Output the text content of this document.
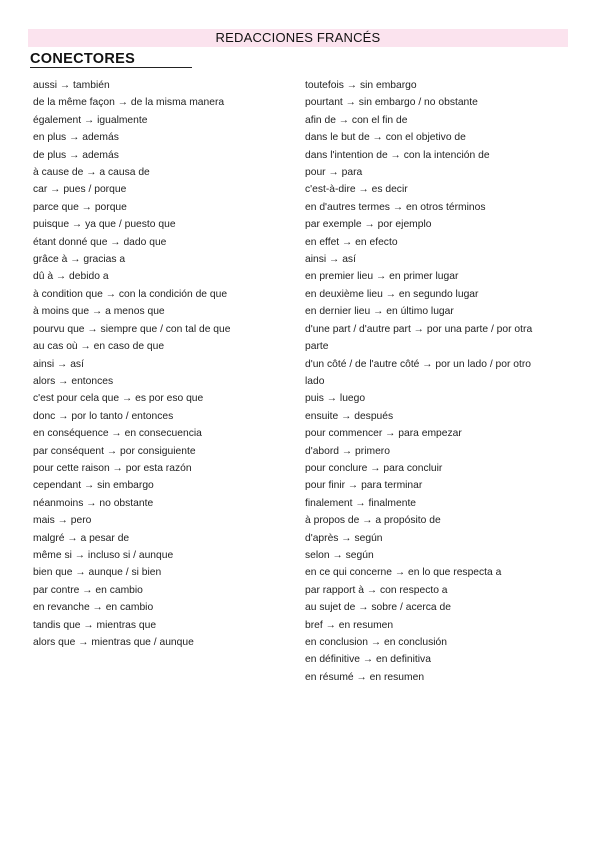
REDACCIONES FRANCÉS
CONECTORES
aussi → también
de la même façon → de la misma manera
également → igualmente
en plus → además
de plus → además
à cause de → a causa de
car → pues / porque
parce que → porque
puisque → ya que / puesto que
étant donné que → dado que
grâce à → gracias a
dû à → debido a
à condition que → con la condición de que
à moins que → a menos que
pourvu que → siempre que / con tal de que
au cas où → en caso de que
ainsi → así
alors → entonces
c'est pour cela que → es por eso que
donc → por lo tanto / entonces
en conséquence → en consecuencia
par conséquent → por consiguiente
pour cette raison → por esta razón
cependant → sin embargo
néanmoins → no obstante
mais → pero
malgré → a pesar de
même si → incluso si / aunque
bien que → aunque / si bien
par contre → en cambio
en revanche → en cambio
tandis que → mientras que
alors que → mientras que / aunque
toutefois → sin embargo
pourtant → sin embargo / no obstante
afin de → con el fin de
dans le but de → con el objetivo de
dans l'intention de → con la intención de
pour → para
c'est-à-dire → es decir
en d'autres termes → en otros términos
par exemple → por ejemplo
en effet → en efecto
ainsi → así
en premier lieu → en primer lugar
en deuxième lieu → en segundo lugar
en dernier lieu → en último lugar
d'une part / d'autre part → por una parte / por otra
parte
d'un côté / de l'autre côté → por un lado / por otro
lado
puis → luego
ensuite → después
pour commencer → para empezar
d'abord → primero
pour conclure → para concluir
pour finir → para terminar
finalement → finalmente
à propos de → a propósito de
d'après → según
selon → según
en ce qui concerne → en lo que respecta a
par rapport à → con respecto a
au sujet de → sobre / acerca de
bref → en resumen
en conclusion → en conclusión
en définitive → en definitiva
en résumé → en resumen
